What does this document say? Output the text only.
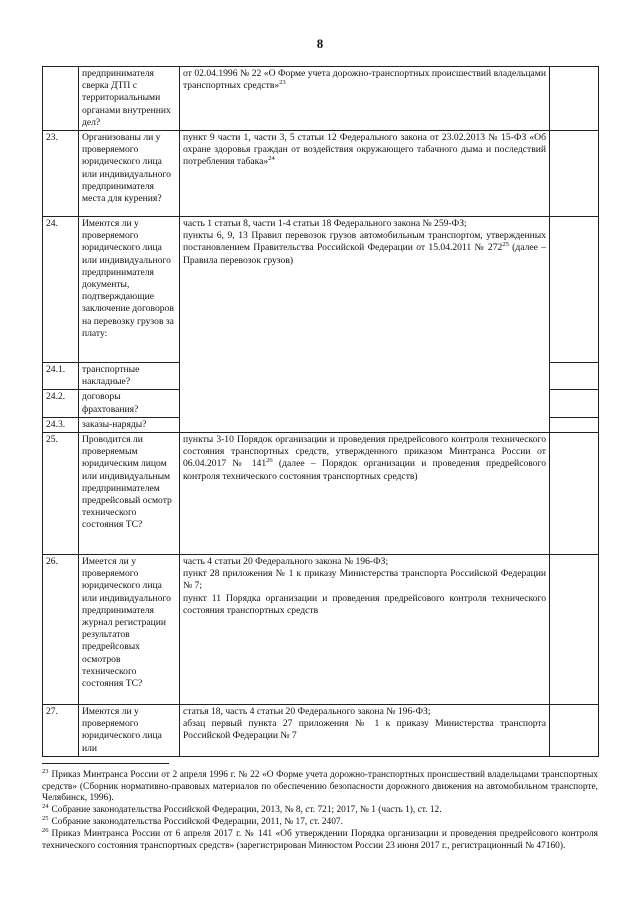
8
	предпринимателя сверка ДТП с территориальными органами внутренних дел?	от 02.04.1996 № 22 «О Форме учета дорожно-транспортных происшествий владельцами транспортных средств»$^{23}$

23.	Организованы ли у проверяемого юридического лица или индивидуального предпринимателя места для курения?	пункт 9 части 1, части 3, 5 статьи 12 Федерального закона от 23.02.2013 № 15-ФЗ «Об охране здоровья граждан от воздействия окружающего табачного дыма и последствий потребления табака»$^{24}$

24.	Имеются ли у проверяемого юридического лица или индивидуального предпринимателя документы, подтверждающие заключение договоров на перевозку грузов за плату:	часть 1 статьи 8, части 1-4 статьи 18 Федерального закона № 259-ФЗ;

пункты 6, 9, 13 Правил перевозок грузов автомобильным транспортом, утвержденных постановлением Правительства Российской Федерации от 15.04.2011 № $272^{25}$ (далее – Правила перевозок грузов)	

24.1.	транспортные накладные?		
24.2.	договоры фрахтования?		
24.3.	заказы-наряды?		
25.	Проводится ли проверяемым юридическим лицом или индивидуальным предпринимателем предрейсовый осмотр технического состояния ТС?	пункты 3-10 Порядок организации и проведения предрейсового контроля технического состояния транспортных средств, утвержденного приказом Минтранса России от 06.04.2017 № $141^{26}$ (далее – Порядок организации и проведения предрейсового контроля технического состояния транспортных средств)	

26.	Имеется ли у проверяемого юридического лица или индивидуального предпринимателя журнал регистрации результатов предрейсовых осмотров технического состояния ТС?	часть 4 статьи 20 Федерального закона № 196-ФЗ;

пункт 28 приложения № 1 к приказу Министерства транспорта Российской Федерации № 7;

пункт 11 Порядка организации и проведения предрейсового контроля технического состояния транспортных средств	

27.	Имеются ли у проверяемого юридического лица или	статья 18, часть 4 статьи 20 Федерального закона № 196-ФЗ;

абзац первый пункта 27 приложения № 1 к приказу Министерства транспорта Российской Федерации № 7	

$^{23}$ Приказ Минтранса России от 2 апреля 1996 г. № 22 «О Форме учета дорожно-транспортных происшествий владельцами транспортных средств» (Сборник нормативно-правовых материалов по обеспечению безопасности дорожного движения на автомобильном транспорте, Челябинск, 1996).

$^{24}$ Собрание законодательства Российской Федерации, 2013, № 8, ст. 721; 2017, № 1 (часть 1), ст. 12.

$^{25}$ Собрание законодательства Российской Федерации, 2011, № 17, ст. 2407.

$^{26}$ Приказ Минтранса России от 6 апреля 2017 г. № 141 «Об утверждении Порядка организации и проведения предрейсового контроля технического состояния транспортных средств» (зарегистрирован Минюстом России 23 июня 2017 г., регистрационный № 47160).
